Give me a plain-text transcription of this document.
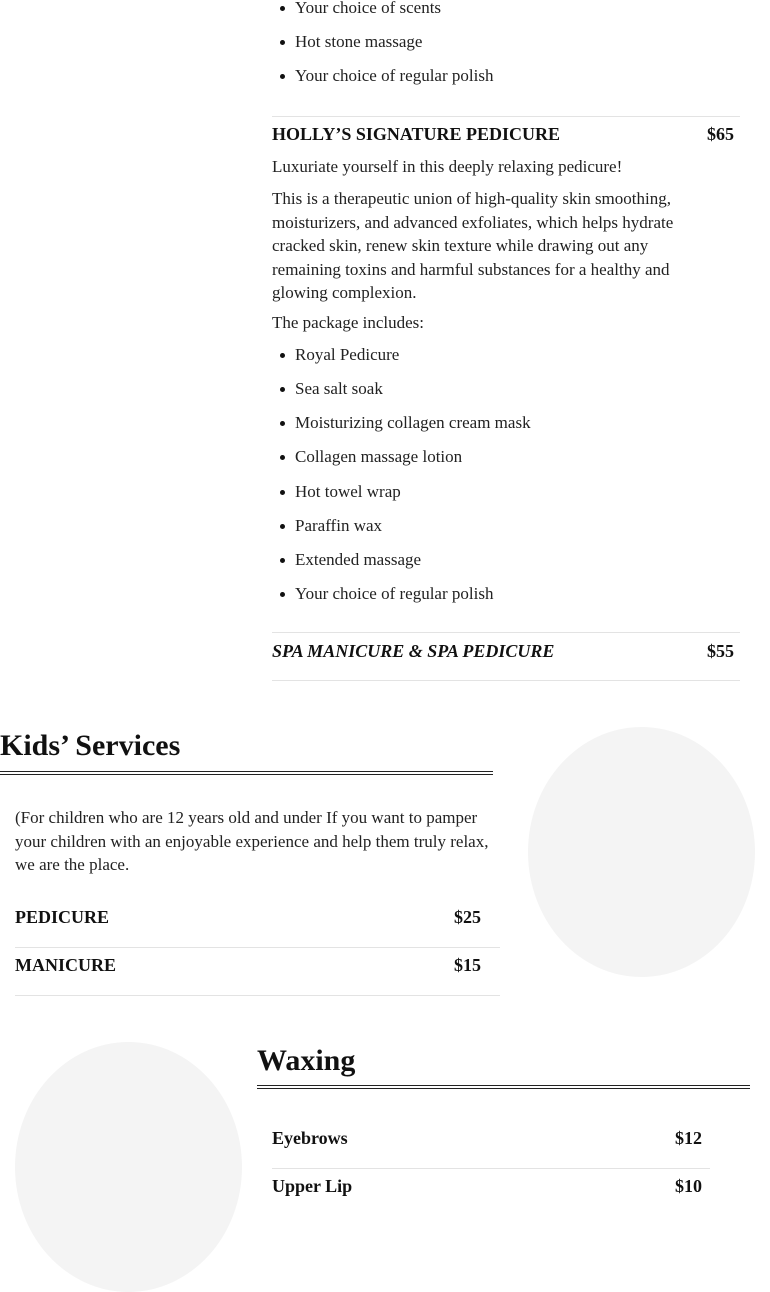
Your choice of scents
Hot stone massage
Your choice of regular polish
HOLLY’S SIGNATURE PEDICURE	$65
Luxuriate yourself in this deeply relaxing pedicure!
This is a therapeutic union of high-quality skin smoothing, moisturizers, and advanced exfoliates, which helps hydrate cracked skin, renew skin texture while drawing out any remaining toxins and harmful substances for a healthy and glowing complexion.
The package includes:
Royal Pedicure
Sea salt soak
Moisturizing collagen cream mask
Collagen massage lotion
Hot towel wrap
Paraffin wax
Extended massage
Your choice of regular polish
SPA MANICURE & SPA PEDICURE	$55
Kids’ Services
(For children who are 12 years old and under If you want to pamper your children with an enjoyable experience and help them truly relax, we are the place.
PEDICURE	$25
MANICURE	$15
Waxing
Eyebrows	$12
Upper Lip	$10
